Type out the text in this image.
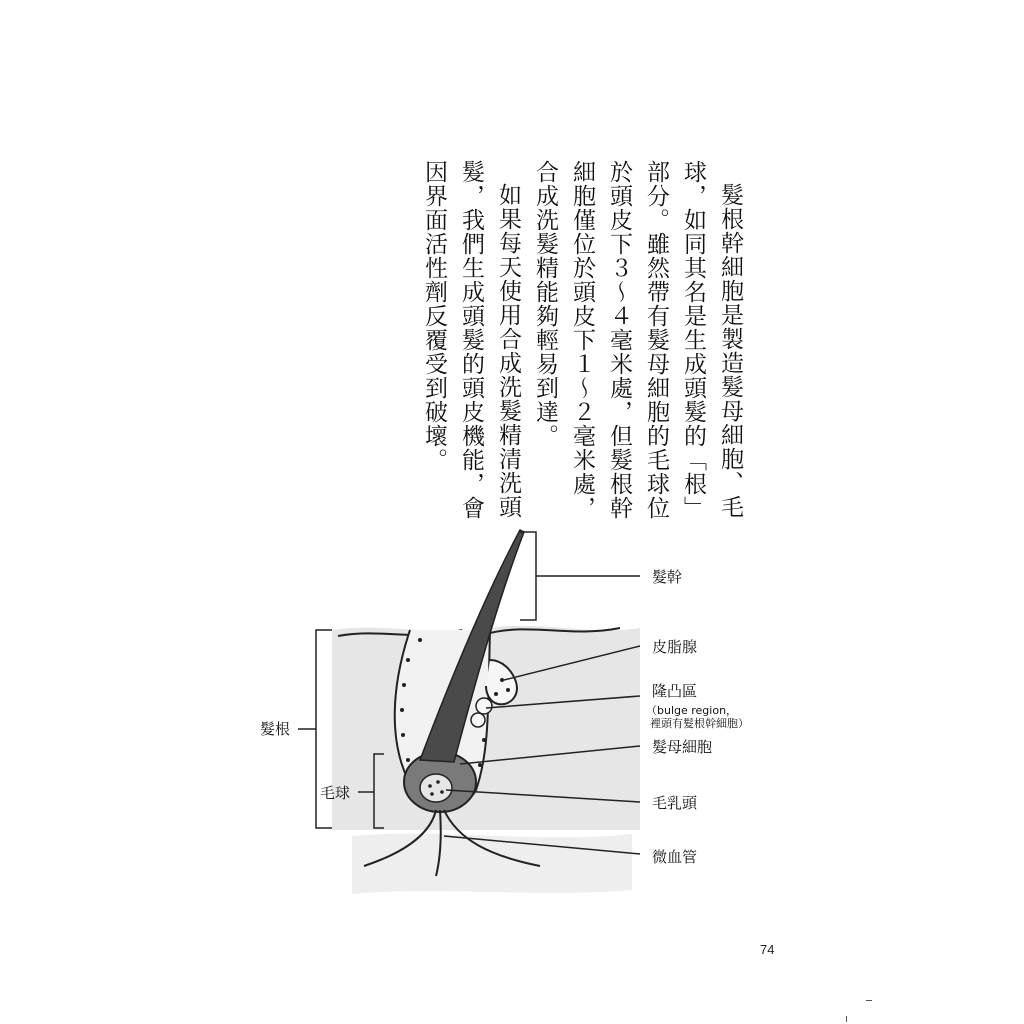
髮根幹細胞是製造髮母細胞、毛球，如同其名是生成頭髮的「根」部分。雖然帶有髮母細胞的毛球位於頭皮下３～４毫米處，但髮根幹細胞僅位於頭皮下１～２毫米處，合成洗髮精能夠輕易到達。

如果每天使用合成洗髮精清洗頭髮，我們生成頭髮的頭皮機能，會因界面活性劑反覆受到破壞。

髮幹
皮脂腺
隆凸區
（bulge region，
裡頭有髮根幹細胞）
髮母細胞
毛乳頭
微血管
髮根
毛球
74
